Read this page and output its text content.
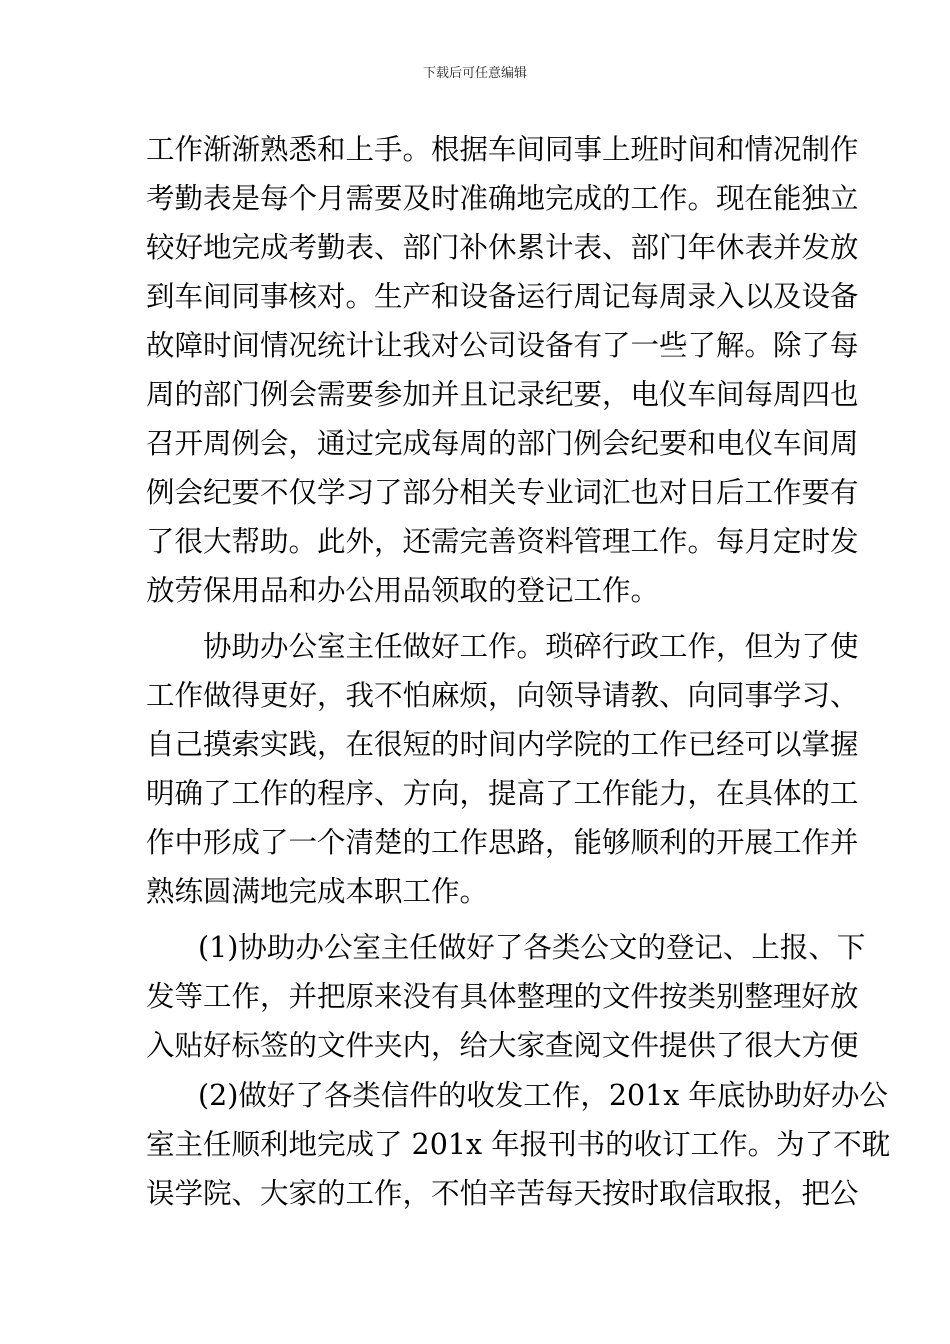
下载后可任意编辑
工作渐渐熟悉和上手。根据车间同事上班时间和情况制作
考勤表是每个月需要及时准确地完成的工作。现在能独立
较好地完成考勤表、部门补休累计表、部门年休表并发放
到车间同事核对。生产和设备运行周记每周录入以及设备
故障时间情况统计让我对公司设备有了一些了解。除了每
周的部门例会需要参加并且记录纪要，电仪车间每周四也
召开周例会，通过完成每周的部门例会纪要和电仪车间周
例会纪要不仅学习了部分相关专业词汇也对日后工作要有
了很大帮助。此外，还需完善资料管理工作。每月定时发
放劳保用品和办公用品领取的登记工作。
协助办公室主任做好工作。琐碎行政工作，但为了使
工作做得更好，我不怕麻烦，向领导请教、向同事学习、
自己摸索实践，在很短的时间内学院的工作已经可以掌握
明确了工作的程序、方向，提高了工作能力，在具体的工
作中形成了一个清楚的工作思路，能够顺利的开展工作并
熟练圆满地完成本职工作。
(1)协助办公室主任做好了各类公文的登记、上报、下
发等工作，并把原来没有具体整理的文件按类别整理好放
入贴好标签的文件夹内，给大家查阅文件提供了很大方便
(2)做好了各类信件的收发工作，201x 年底协助好办公
室主任顺利地完成了 201x 年报刊书的收订工作。为了不耽
误学院、大家的工作，不怕辛苦每天按时取信取报，把公
